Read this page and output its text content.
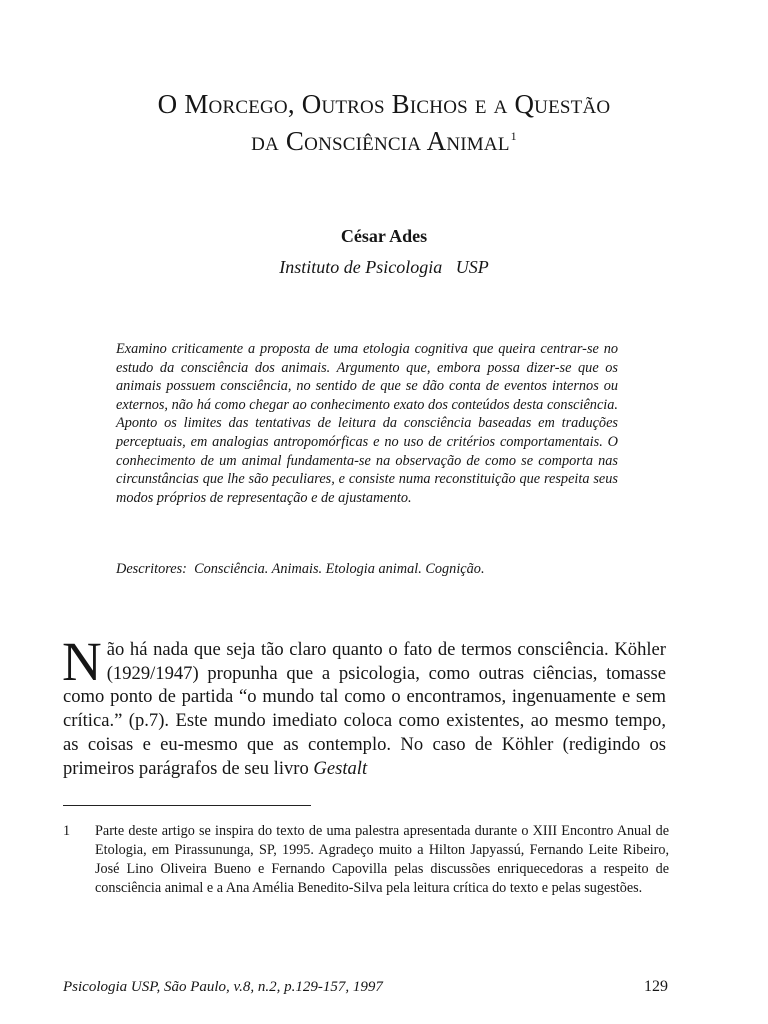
O Morcego, Outros Bichos e a Questão
da Consciência Animal$^1$
César Ades
Instituto de Psicologia   USP
Examino criticamente a proposta de uma etologia cognitiva que queira centrar-se no estudo da consciência dos animais. Argumento que, embora possa dizer-se que os animais possuem consciência, no sentido de que se dão conta de eventos internos ou externos, não há como chegar ao conhecimento exato dos conteúdos desta consciência. Aponto os limites das tentativas de leitura da consciência baseadas em traduções perceptuais, em analogias antropomórficas e no uso de critérios comportamentais. O conhecimento de um animal fundamenta-se na observação de como se comporta nas circunstâncias que lhe são peculiares, e consiste numa reconstituição que respeita seus modos próprios de representação e de ajustamento.
Descritores:  Consciência. Animais. Etologia animal. Cognição.
Não há nada que seja tão claro quanto o fato de termos consciência. Köhler (1929/1947) propunha que a psicologia, como outras ciências, tomasse como ponto de partida “o mundo tal como o encontramos, ingenuamente e sem crítica.” (p.7). Este mundo imediato coloca como existentes, ao mesmo tempo, as coisas e eu-mesmo que as contemplo. No caso de Köhler (redigindo os primeiros parágrafos de seu livro Gestalt
1 Parte deste artigo se inspira do texto de uma palestra apresentada durante o XIII Encontro Anual de Etologia, em Pirassununga, SP, 1995. Agradeço muito a Hilton Japyassú, Fernando Leite Ribeiro, José Lino Oliveira Bueno e Fernando Capovilla pelas discussões enriquecedoras a respeito de consciência animal e a Ana Amélia Benedito-Silva pela leitura crítica do texto e pelas sugestões.
Psicologia USP, São Paulo, v.8, n.2, p.129-157, 1997	129
